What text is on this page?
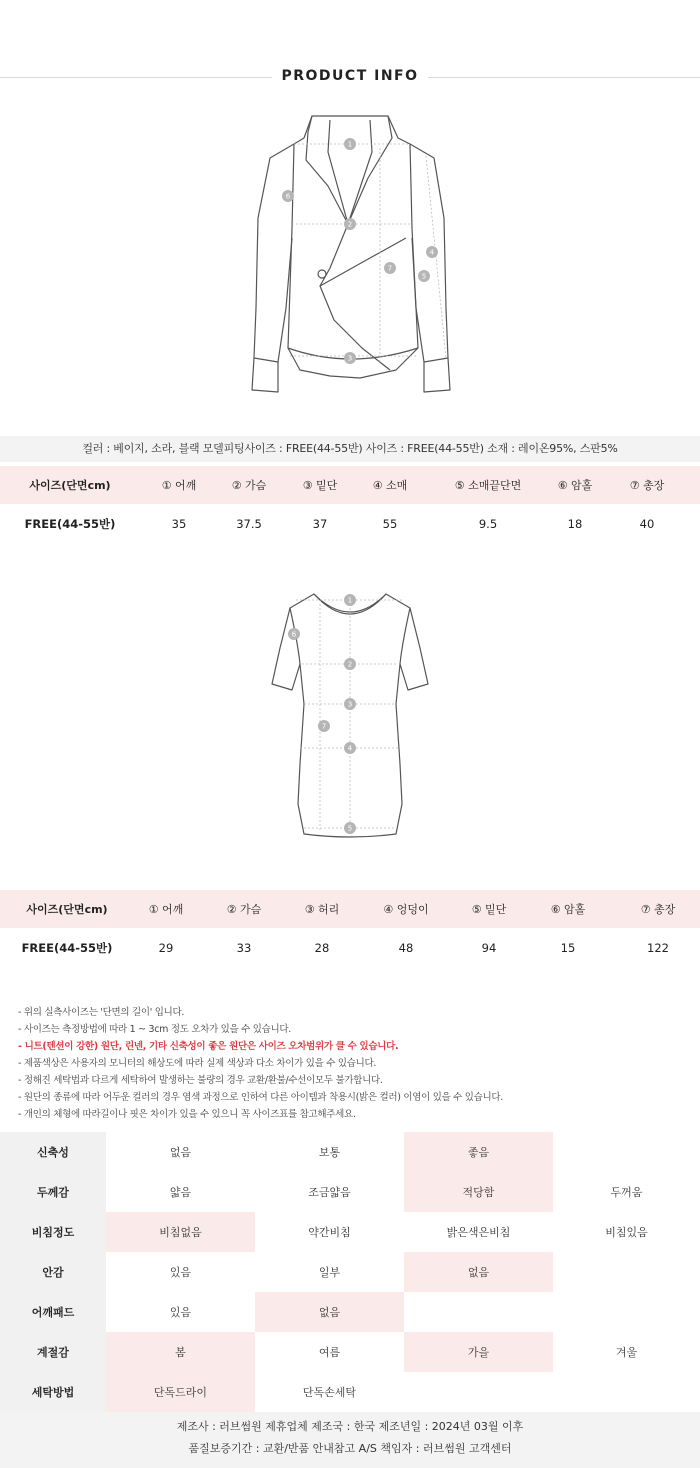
PRODUCT INFO
1
2
3
4
5
6
7
컬러 : 베이지, 소라, 블랙 모델피팅사이즈 : FREE(44-55반) 사이즈 : FREE(44-55반) 소재 : 레이온95%, 스판5%
사이즈(단면cm)	① 어깨	② 가슴	③ 밑단	④ 소매	⑤ 소매끝단면	⑥ 암홀	⑦ 총장
FREE(44-55반)	35	37.5	37	55	9.5	18	40
1
2
3
4
5
6
7
사이즈(단면cm)	① 어깨	② 가슴	③ 허리	④ 엉덩이	⑤ 밑단	⑥ 암홀	⑦ 총장
FREE(44-55반)	29	33	28	48	94	15	122
- 위의 실측사이즈는 '단면의 길이' 입니다.
- 사이즈는 측정방법에 따라 1 ~ 3cm 정도 오차가 있을 수 있습니다.
- 니트(텐션이 강한) 원단, 린넨, 기타 신축성이 좋은 원단은 사이즈 오차범위가 클 수 있습니다.
- 제품색상은 사용자의 모니터의 해상도에 따라 실제 색상과 다소 차이가 있을 수 있습니다.
- 정해진 세탁법과 다르게 세탁하여 발생하는 불량의 경우 교환/환불/수선이모두 불가합니다.
- 원단의 종류에 따라 어두운 컬러의 경우 염색 과정으로 인하여 다른 아이템과 착용시(밝은 컬러) 이염이 있을 수 있습니다.
- 개인의 체형에 따라길이나 핏은 차이가 있을 수 있으니 꼭 사이즈표를 참고해주세요.
신축성	없음	보통	좋음
두께감	얇음	조금얇음	적당함	두꺼움
비침정도	비침없음	약간비침	밝은색은비침	비침있음
안감	있음	일부	없음
어깨패드	있음	없음
계절감	봄	여름	가을	겨울
세탁방법	단독드라이	단독손세탁
제조사 : 러브썸원 제휴업체 제조국 : 한국 제조년일 : 2024년 03월 이후
품질보증기간 : 교환/반품 안내참고 A/S 책임자 : 러브썸원 고객센터
